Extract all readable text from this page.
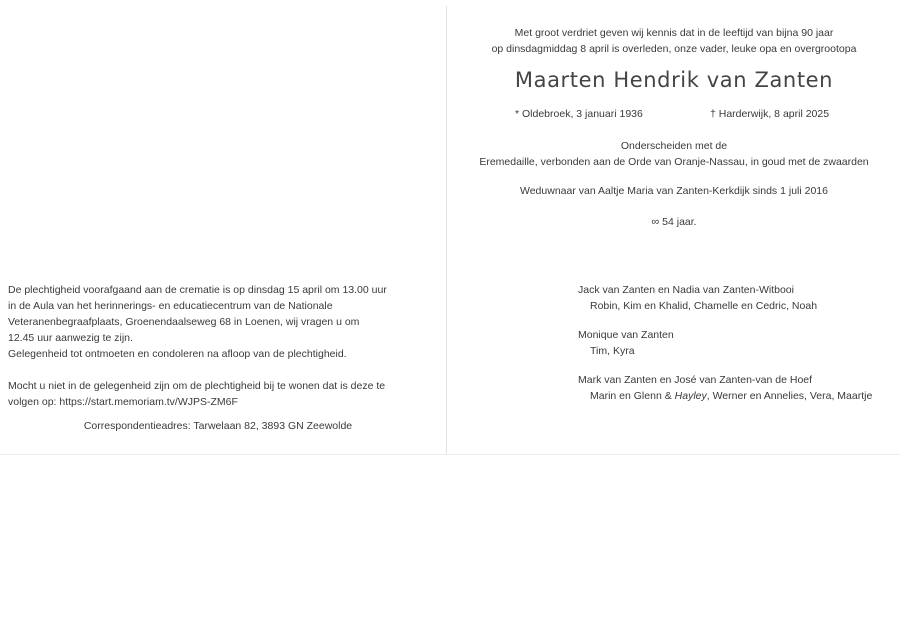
Met groot verdriet geven wij kennis dat in de leeftijd van bijna 90 jaar
op dinsdagmiddag 8 april is overleden, onze vader, leuke opa en overgrootopa
Maarten Hendrik van Zanten
* Oldebroek, 3 januari 1936	† Harderwijk, 8 april 2025
Onderscheiden met de
Eremedaille, verbonden aan de Orde van Oranje-Nassau, in goud met de zwaarden
Weduwnaar van Aaltje Maria van Zanten-Kerkdijk sinds 1 juli 2016
∞ 54 jaar.

De plechtigheid voorafgaand aan de crematie is op dinsdag 15 april om 13.00 uur

in de Aula van het herinnerings- en educatiecentrum van de Nationale

Veteranenbegraafplaats, Groenendaalseweg 68 in Loenen, wij vragen u om

12.45 uur aanwezig te zijn.

Gelegenheid tot ontmoeten en condoleren na afloop van de plechtigheid.

Mocht u niet in de gelegenheid zijn om de plechtigheid bij te wonen dat is deze te

volgen op: https://start.memoriam.tv/WJPS-ZM6F

Correspondentieadres: Tarwelaan 82, 3893 GN Zeewolde
Jack van Zanten en Nadia van Zanten-Witbooi
Robin, Kim en Khalid, Chamelle en Cedric, Noah
Monique van Zanten
Tim, Kyra
Mark van Zanten en José van Zanten-van de Hoef
Marin en Glenn & Hayley, Werner en Annelies, Vera, Maartje
